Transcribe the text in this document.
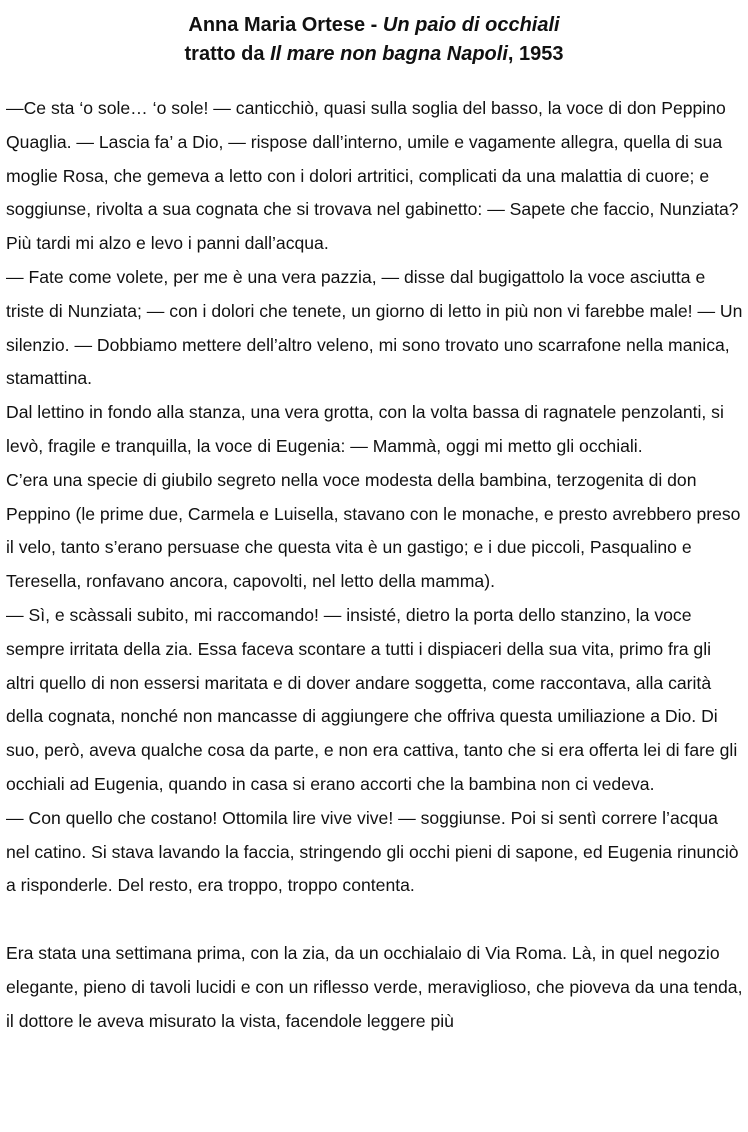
Anna Maria Ortese - Un paio di occhiali
tratto da Il mare non bagna Napoli, 1953

—Ce sta ‘o sole… ‘o sole! — canticchiò, quasi sulla soglia del basso, la voce di don Peppino Quaglia. — Lascia fa’ a Dio, — rispose dall’interno, umile e vagamente allegra, quella di sua moglie Rosa, che gemeva a letto con i dolori artritici, complicati da una malattia di cuore; e soggiunse, rivolta a sua cognata che si trovava nel gabinetto: — Sapete che faccio, Nunziata? Più tardi mi alzo e levo i panni dall’acqua.

— Fate come volete, per me è una vera pazzia, — disse dal bugigattolo la voce asciutta e triste di Nunziata; — con i dolori che tenete, un giorno di letto in più non vi farebbe male! — Un silenzio. — Dobbiamo mettere dell’altro veleno, mi sono trovato uno scarrafone nella manica, stamattina.

Dal lettino in fondo alla stanza, una vera grotta, con la volta bassa di ragnatele penzolanti, si levò, fragile e tranquilla, la voce di Eugenia: — Mammà, oggi mi metto gli occhiali.

C’era una specie di giubilo segreto nella voce modesta della bambina, terzogenita di don Peppino (le prime due, Carmela e Luisella, stavano con le monache, e presto avrebbero preso il velo, tanto s’erano persuase che questa vita è un gastigo; e i due piccoli, Pasqualino e Teresella, ronfavano ancora, capovolti, nel letto della mamma).

— Sì, e scàssali subito, mi raccomando! — insisté, dietro la porta dello stanzino, la voce sempre irritata della zia. Essa faceva scontare a tutti i dispiaceri della sua vita, primo fra gli altri quello di non essersi maritata e di dover andare soggetta, come raccontava, alla carità della cognata, nonché non mancasse di aggiungere che offriva questa umiliazione a Dio. Di suo, però, aveva qualche cosa da parte, e non era cattiva, tanto che si era offerta lei di fare gli occhiali ad Eugenia, quando in casa si erano accorti che la bambina non ci vedeva.

— Con quello che costano! Ottomila lire vive vive! — soggiunse. Poi si sentì correre l’acqua nel catino. Si stava lavando la faccia, stringendo gli occhi pieni di sapone, ed Eugenia rinunciò a risponderle. Del resto, era troppo, troppo contenta.

Era stata una settimana prima, con la zia, da un occhialaio di Via Roma. Là, in quel negozio elegante, pieno di tavoli lucidi e con un riflesso verde, meraviglioso, che pioveva da una tenda, il dottore le aveva misurato la vista, facendole leggere più
